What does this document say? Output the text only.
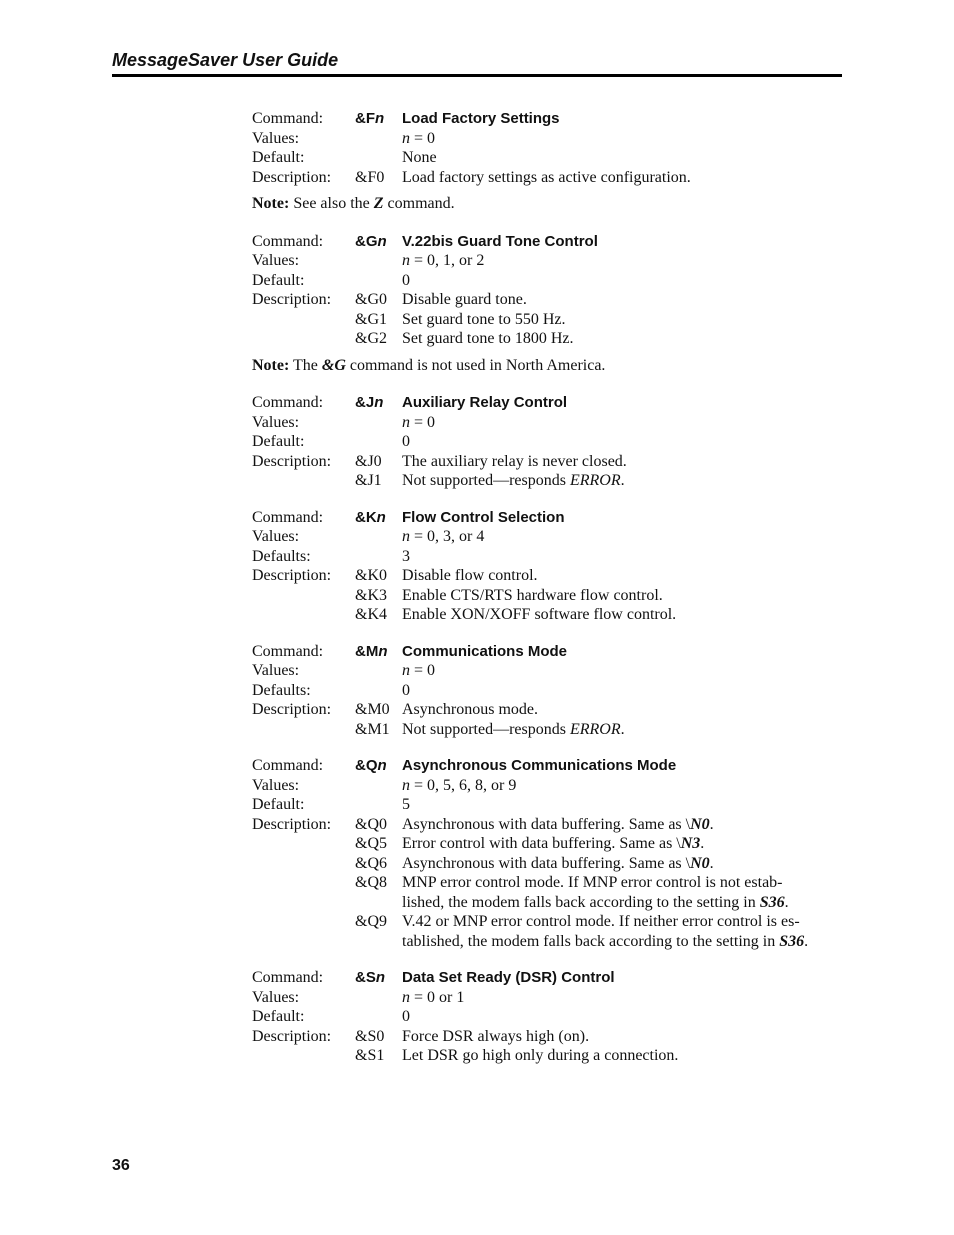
MessageSaver User Guide
Command:	&Fn	Load Factory Settings
Values:	n = 0
Default:	None
Description:	&F0	Load factory settings as active configuration.
Note: See also the Z command.
Command:	&Gn	V.22bis Guard Tone Control
Values:	n = 0, 1, or 2
Default:	0
Description:	&G0 Disable guard tone.
&G1 Set guard tone to 550 Hz.
&G2 Set guard tone to 1800 Hz.
Note: The &G command is not used in North America.
Command:	&Jn	Auxiliary Relay Control
Values:	n = 0
Default:	0
Description:	&J0	The auxiliary relay is never closed.
&J1	Not supported—responds ERROR.
Command:	&Kn	Flow Control Selection
Values:	n = 0, 3, or 4
Defaults:	3
Description:	&K0 Disable flow control.
&K3 Enable CTS/RTS hardware flow control.
&K4 Enable XON/XOFF software flow control.
Command:	&Mn Communications Mode
Values:	n = 0
Defaults:	0
Description:	&M0 Asynchronous mode.
&M1 Not supported—responds ERROR.
Command:	&Qn	Asynchronous Communications Mode
Values:	n = 0, 5, 6, 8, or 9
Default:	5
Description:	&Q0 Asynchronous with data buffering. Same as \N0.
&Q5 Error control with data buffering. Same as \N3.
&Q6 Asynchronous with data buffering. Same as \N0.
&Q8 MNP error control mode. If MNP error control is not estab-
lished, the modem falls back according to the setting in S36.
&Q9 V.42 or MNP error control mode. If neither error control is es-
tablished, the modem falls back according to the setting in S36.
Command:	&Sn	Data Set Ready (DSR) Control
Values:	n = 0 or 1
Default:	0
Description:	&S0	Force DSR always high (on).
&S1	Let DSR go high only during a connection.
36
